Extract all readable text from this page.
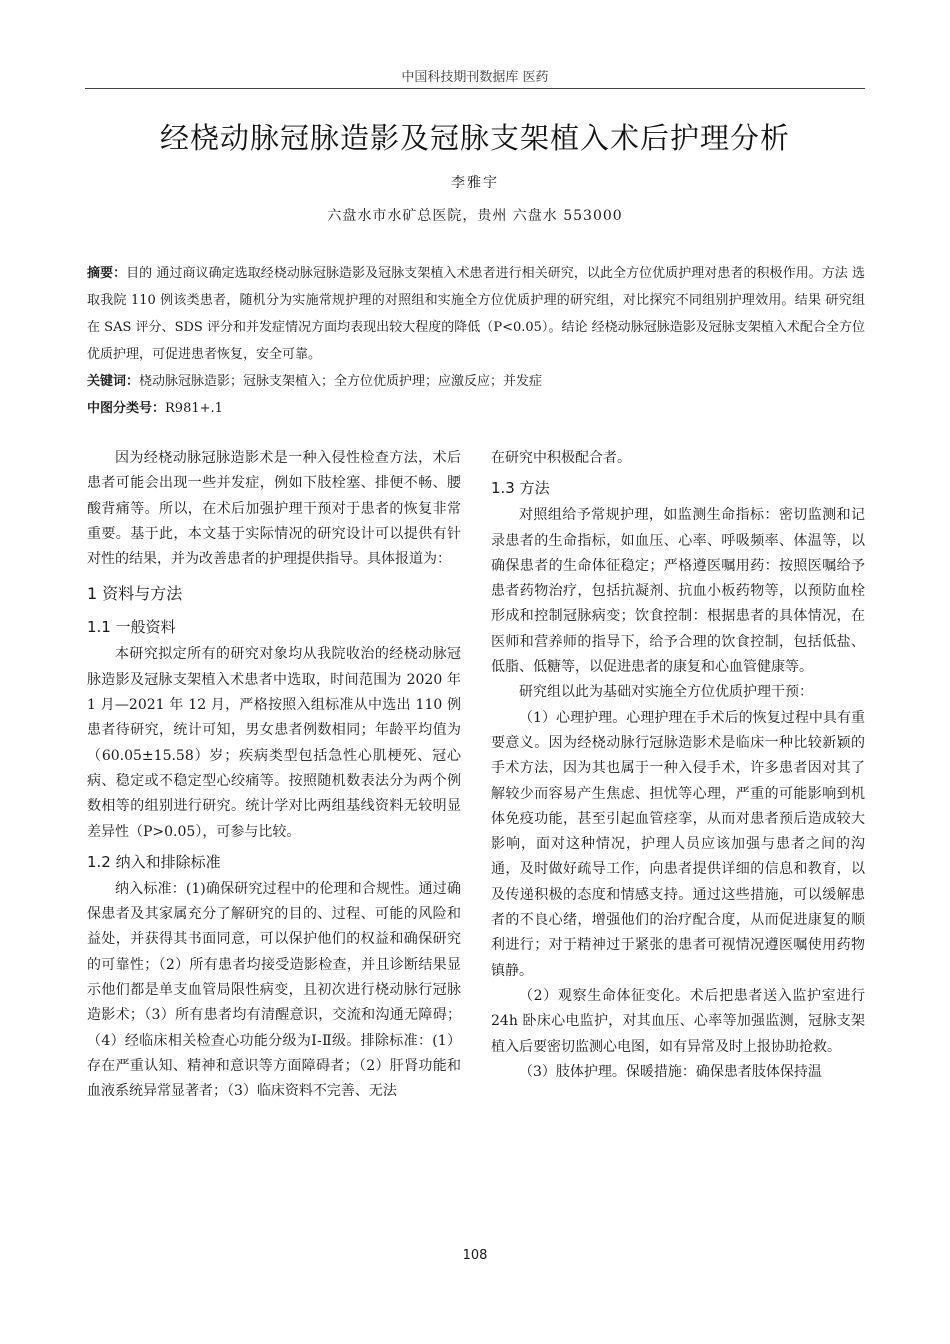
中国科技期刊数据库 医药
经桡动脉冠脉造影及冠脉支架植入术后护理分析
李雅宇
六盘水市水矿总医院，贵州 六盘水 553000
摘要：目的 通过商议确定选取经桡动脉冠脉造影及冠脉支架植入术患者进行相关研究，以此全方位优质护理对患者的积极作用。方法 选取我院 110 例该类患者，随机分为实施常规护理的对照组和实施全方位优质护理的研究组，对比探究不同组别护理效用。结果 研究组在 SAS 评分、SDS 评分和并发症情况方面均表现出较大程度的降低（P<0.05）。结论 经桡动脉冠脉造影及冠脉支架植入术配合全方位优质护理，可促进患者恢复，安全可靠。
关键词：桡动脉冠脉造影；冠脉支架植入；全方位优质护理；应激反应；并发症
中图分类号：R981+.1

因为经桡动脉冠脉造影术是一种入侵性检查方法，术后患者可能会出现一些并发症，例如下肢栓塞、排便不畅、腰酸背痛等。所以，在术后加强护理干预对于患者的恢复非常重要。基于此，本文基于实际情况的研究设计可以提供有针对性的结果，并为改善患者的护理提供指导。具体报道为：

1 资料与方法
1.1 一般资料

本研究拟定所有的研究对象均从我院收治的经桡动脉冠脉造影及冠脉支架植入术患者中选取，时间范围为 2020 年 1 月—2021 年 12 月，严格按照入组标准从中选出 110 例患者待研究，统计可知，男女患者例数相同；年龄平均值为（60.05±15.58）岁；疾病类型包括急性心肌梗死、冠心病、稳定或不稳定型心绞痛等。按照随机数表法分为两个例数相等的组别进行研究。统计学对比两组基线资料无较明显差异性（P>0.05），可参与比较。

1.2 纳入和排除标准

纳入标准：(1)确保研究过程中的伦理和合规性。通过确保患者及其家属充分了解研究的目的、过程、可能的风险和益处，并获得其书面同意，可以保护他们的权益和确保研究的可靠性；（2）所有患者均接受造影检查，并且诊断结果显示他们都是单支血管局限性病变，且初次进行桡动脉行冠脉造影术；（3）所有患者均有清醒意识，交流和沟通无障碍；（4）经临床相关检查心功能分级为Ⅰ-Ⅱ级。排除标准：(1）存在严重认知、精神和意识等方面障碍者；（2）肝肾功能和血液系统异常显著者；（3）临床资料不完善、无法

在研究中积极配合者。

1.3 方法

对照组给予常规护理，如监测生命指标：密切监测和记录患者的生命指标，如血压、心率、呼吸频率、体温等，以确保患者的生命体征稳定；严格遵医嘱用药：按照医嘱给予患者药物治疗，包括抗凝剂、抗血小板药物等，以预防血栓形成和控制冠脉病变；饮食控制：根据患者的具体情况，在医师和营养师的指导下，给予合理的饮食控制，包括低盐、低脂、低糖等，以促进患者的康复和心血管健康等。

研究组以此为基础对实施全方位优质护理干预：

（1）心理护理。心理护理在手术后的恢复过程中具有重要意义。因为经桡动脉行冠脉造影术是临床一种比较新颖的手术方法，因为其也属于一种入侵手术，许多患者因对其了解较少而容易产生焦虑、担忧等心理，严重的可能影响到机体免疫功能，甚至引起血管痉挛，从而对患者预后造成较大影响，面对这种情况，护理人员应该加强与患者之间的沟通，及时做好疏导工作，向患者提供详细的信息和教育，以及传递积极的态度和情感支持。通过这些措施，可以缓解患者的不良心绪，增强他们的治疗配合度，从而促进康复的顺利进行；对于精神过于紧张的患者可视情况遵医嘱使用药物镇静。

（2）观察生命体征变化。术后把患者送入监护室进行 24h 卧床心电监护，对其血压、心率等加强监测，冠脉支架植入后要密切监测心电图，如有异常及时上报协助抢救。

（3）肢体护理。保暖措施：确保患者肢体保持温

108
